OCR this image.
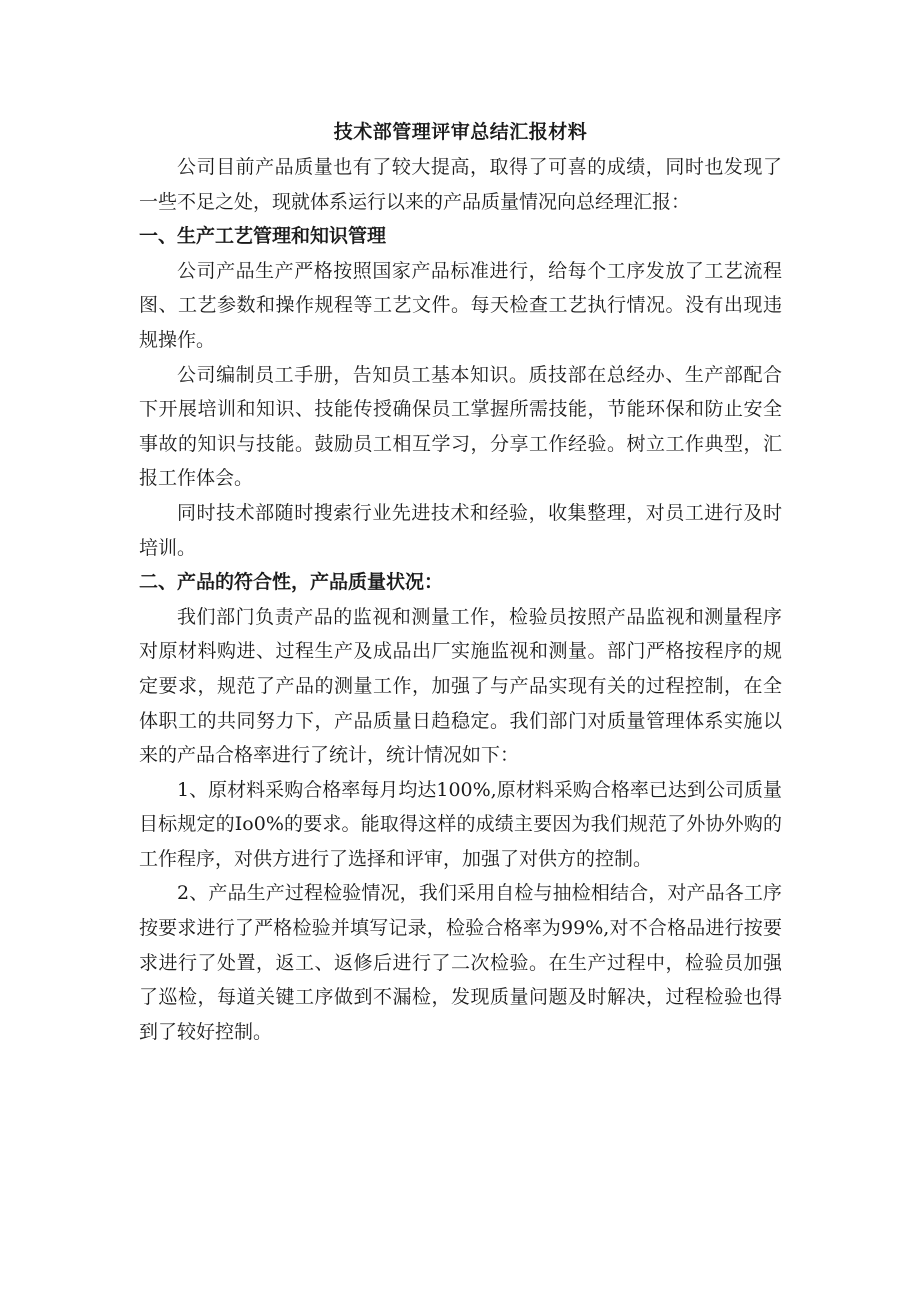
技术部管理评审总结汇报材料

公司目前产品质量也有了较大提高，取得了可喜的成绩，同时也发现了一些不足之处，现就体系运行以来的产品质量情况向总经理汇报：

一、生产工艺管理和知识管理

公司产品生产严格按照国家产品标准进行，给每个工序发放了工艺流程图、工艺参数和操作规程等工艺文件。每天检查工艺执行情况。没有出现违规操作。

公司编制员工手册，告知员工基本知识。质技部在总经办、生产部配合下开展培训和知识、技能传授确保员工掌握所需技能，节能环保和防止安全事故的知识与技能。鼓励员工相互学习，分享工作经验。树立工作典型，汇报工作体会。

同时技术部随时搜索行业先进技术和经验，收集整理，对员工进行及时培训。

二、产品的符合性，产品质量状况：

我们部门负责产品的监视和测量工作，检验员按照产品监视和测量程序对原材料购进、过程生产及成品出厂实施监视和测量。部门严格按程序的规定要求，规范了产品的测量工作，加强了与产品实现有关的过程控制，在全体职工的共同努力下，产品质量日趋稳定。我们部门对质量管理体系实施以来的产品合格率进行了统计，统计情况如下：

1、原材料采购合格率每月均达100%,原材料采购合格率已达到公司质量目标规定的Io0%的要求。能取得这样的成绩主要因为我们规范了外协外购的工作程序，对供方进行了选择和评审，加强了对供方的控制。

2、产品生产过程检验情况，我们采用自检与抽检相结合，对产品各工序按要求进行了严格检验并填写记录，检验合格率为99%,对不合格品进行按要求进行了处置，返工、返修后进行了二次检验。在生产过程中，检验员加强了巡检，每道关键工序做到不漏检，发现质量问题及时解决，过程检验也得到了较好控制。
